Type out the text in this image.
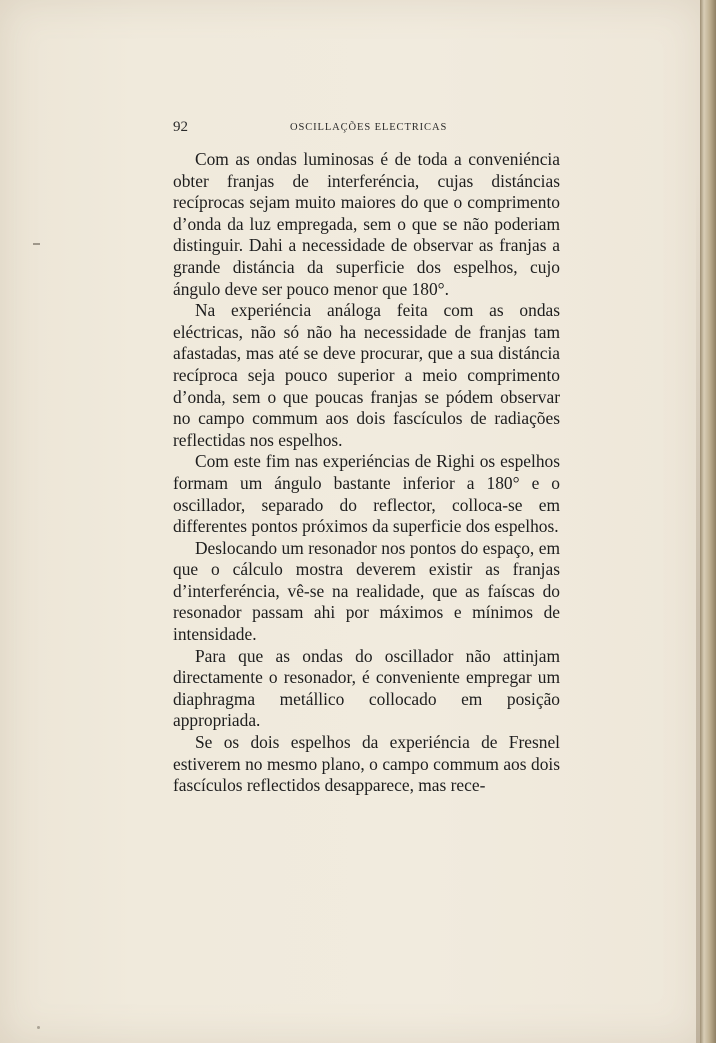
92	OSCILLAÇÕES ELECTRICAS

Com as ondas luminosas é de toda a conveniéncia obter franjas de interferéncia, cujas distáncias recíprocas sejam muito maiores do que o comprimento d’onda da luz empregada, sem o que se não poderiam distinguir. Dahi a necessidade de observar as franjas a grande distáncia da superficie dos espelhos, cujo ángulo deve ser pouco menor que 180°.

Na experiéncia análoga feita com as ondas eléctricas, não só não ha necessidade de franjas tam afastadas, mas até se deve procurar, que a sua distáncia recíproca seja pouco superior a meio comprimento d’onda, sem o que poucas franjas se pódem observar no campo commum aos dois fascículos de radiações reflectidas nos espelhos.

Com este fim nas experiéncias de Righi os espelhos formam um ángulo bastante inferior a 180° e o oscillador, separado do reflector, colloca-se em differentes pontos próximos da superficie dos espelhos.

Deslocando um resonador nos pontos do espaço, em que o cálculo mostra deverem existir as franjas d’interferéncia, vê-se na realidade, que as faíscas do resonador passam ahi por máximos e mínimos de intensidade.

Para que as ondas do oscillador não attinjam directamente o resonador, é conveniente empregar um diaphragma metállico collocado em posição appropriada.

Se os dois espelhos da experiéncia de Fresnel estiverem no mesmo plano, o campo commum aos dois fascículos reflectidos desapparece, mas rece-
